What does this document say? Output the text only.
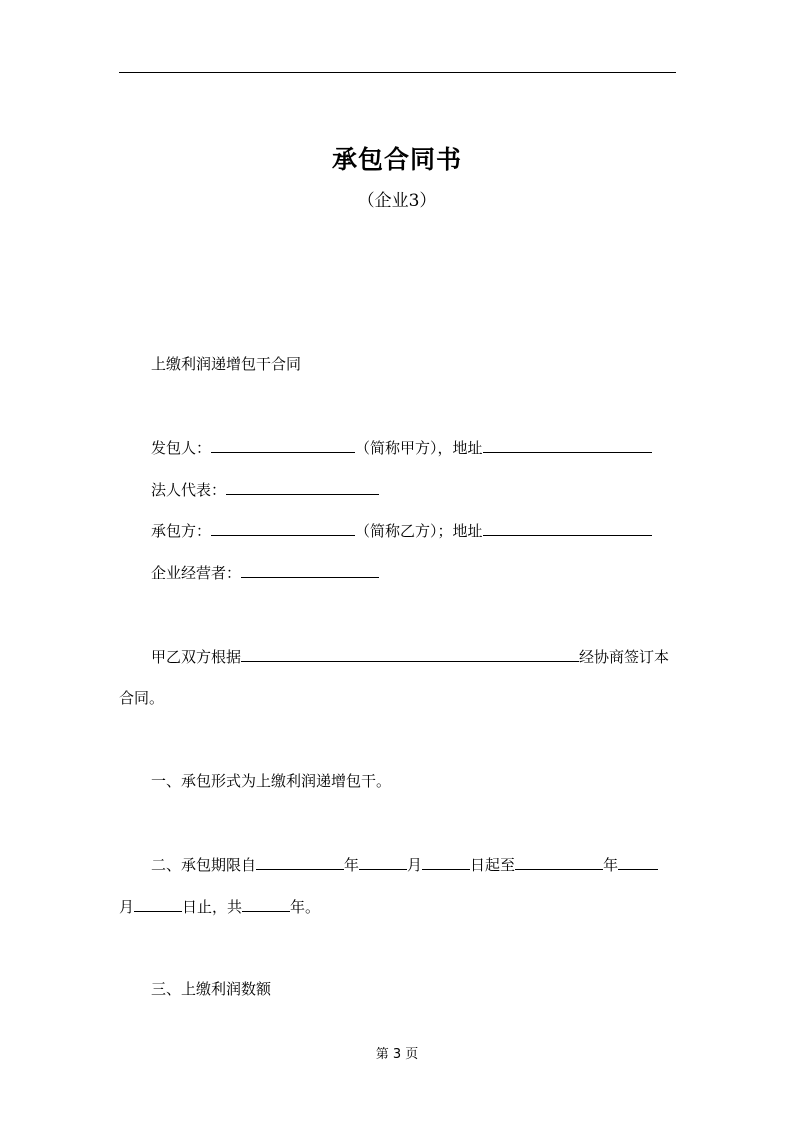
承包合同书
（企业3）
上缴利润递增包干合同
发包人：	（简称甲方），地址
法人代表：
承包方：	（简称乙方）；地址
企业经营者：
甲乙双方根据	经协商签订本
合同。
一、承包形式为上缴利润递增包干。
二、承包期限自	年	月	日起至	年
月	日止，共	年。
三、上缴利润数额
第 3 页
